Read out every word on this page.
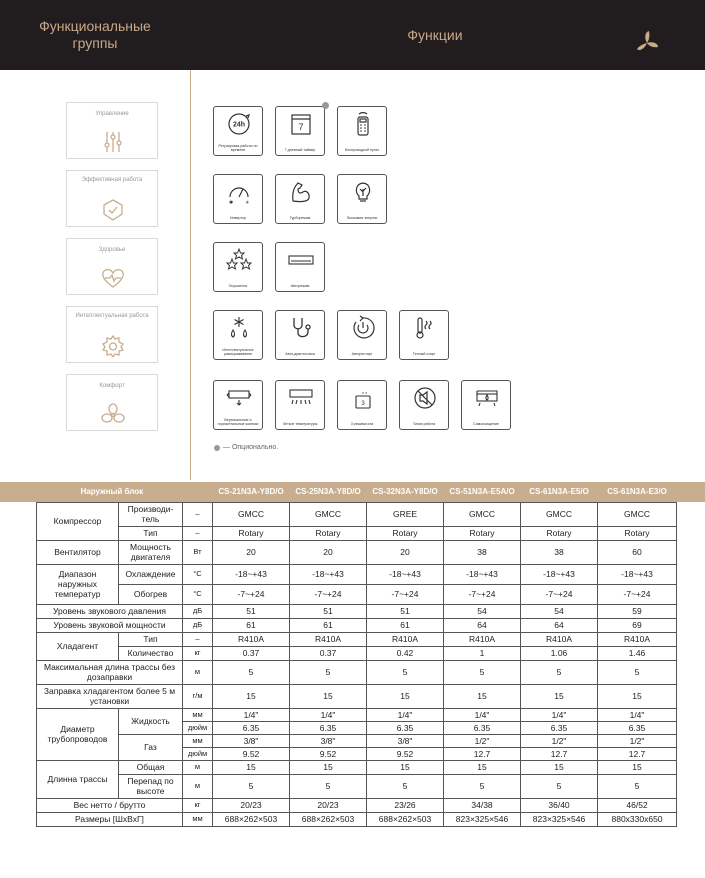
Функциональные
группы	Функции
Управление
Эффективная работа
Здоровье
Интеллектуальная работа
Комфорт
24h
Регулировка работы по времени
7
7-дневный таймер	Беспроводной пульт
✱ ☀
Инвертор	Турборежим	Экономия энергии
Осушитель	Авторежим
Интеллектуальное размораживание	Авто-диагностика	Авторестарт	Теплый старт
Вертикальные и горизонтальные жалюзи	Чёткое температуры
3
z z
3 режима сна	Тихая работа	Самоочищение
— Опционально.
Наружный блок			CS-21N3A-Y8D/O	CS-25N3A-Y8D/O	CS-32N3A-Y8D/O	CS-51N3A-E5A/O	CS-61N3A-E5/O	CS-61N3A-E3/O
Компрессор	Производи-тель	–	GMCC	GMCC	GREE	GMCC	GMCC	GMCC
	Тип	–	Rotary	Rotary	Rotary	Rotary	Rotary	Rotary
Вентилятор	Мощность двигателя	Вт	20	20	20	38	38	60
Диапазон наружных температур	Охлаждение	°C	-18~+43	-18~+43	-18~+43	-18~+43	-18~+43	-18~+43
	Обогрев	°C	-7~+24	-7~+24	-7~+24	-7~+24	-7~+24	-7~+24
Уровень звукового давления		дБ	51	51	51	54	54	59
Уровень звуковой мощности		дБ	61	61	61	64	64	69
Хладагент	Тип	–	R410A	R410A	R410A	R410A	R410A	R410A
	Количество	кг	0.37	0.37	0.42	1	1.06	1.46
Максимальная длина трассы без дозаправки		м	5	5	5	5	5	5
Заправка хладагентом более 5 м установки		г/м	15	15	15	15	15	15
Диаметр трубопроводов	Жидкость	мм	1/4"	1/4"	1/4"	1/4"	1/4"	1/4"
		дюйм	6.35	6.35	6.35	6.35	6.35	6.35
	Газ	мм	3/8"	3/8"	3/8"	1/2"	1/2"	1/2"
		дюйм	9.52	9.52	9.52	12.7	12.7	12.7
Длинна трассы	Общая	м	15	15	15	15	15	15
	Перепад по высоте	м	5	5	5	5	5	5
Вес нетто / брутто		кг	20/23	20/23	23/26	34/38	36/40	46/52
Размеры [ШхВхГ]		мм	688×262×503	688×262×503	688×262×503	823×325×546	823×325×546	880x330x650
